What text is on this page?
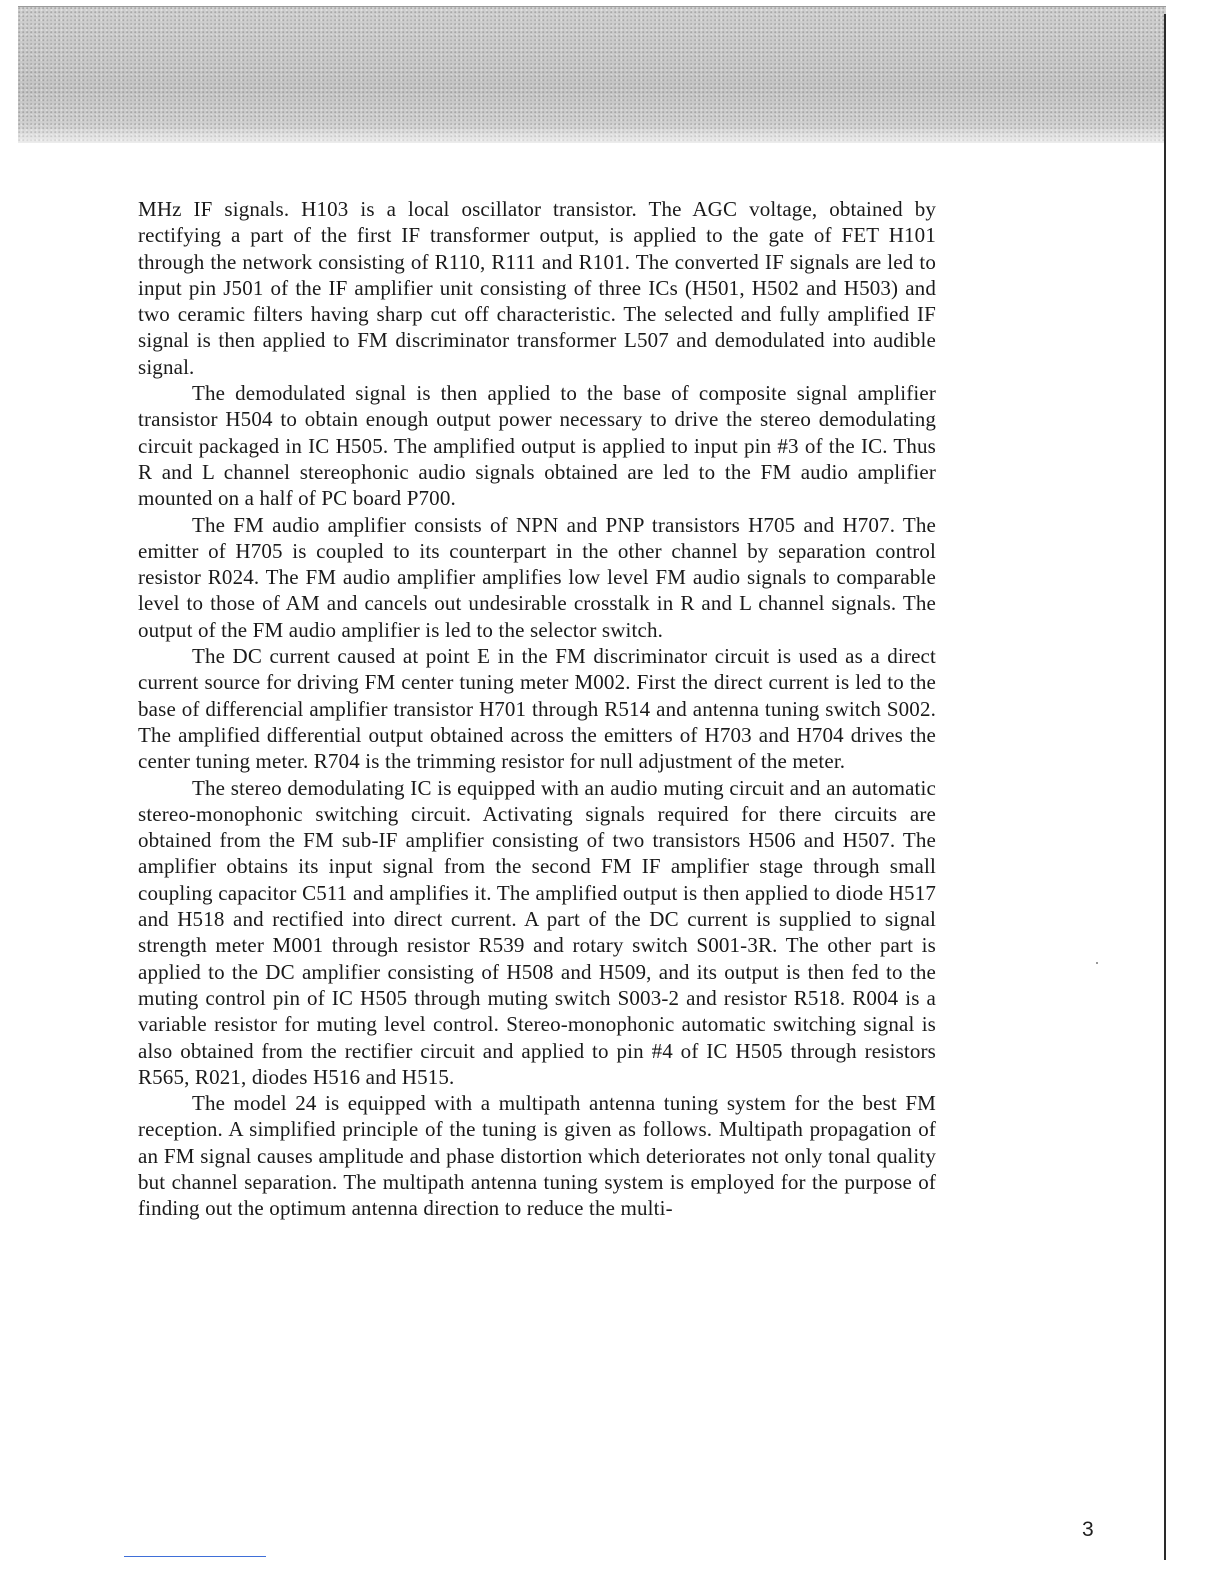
MHz IF signals. H103 is a local oscillator transistor. The AGC voltage, obtained by rectifying a part of the first IF transformer output, is applied to the gate of FET H101 through the network consisting of R110, R111 and R101. The converted IF signals are led to input pin J501 of the IF amplifier unit consisting of three ICs (H501, H502 and H503) and two ceramic filters having sharp cut off characteristic. The selected and fully amplified IF signal is then applied to FM discriminator transformer L507 and demodulated into audible signal.

The demodulated signal is then applied to the base of composite signal amplifier transistor H504 to obtain enough output power necessary to drive the stereo demodulating circuit packaged in IC H505. The amplified output is applied to input pin #3 of the IC. Thus R and L channel stereophonic audio signals obtained are led to the FM audio amplifier mounted on a half of PC board P700.

The FM audio amplifier consists of NPN and PNP transistors H705 and H707. The emitter of H705 is coupled to its counterpart in the other channel by separation control resistor R024. The FM audio amplifier amplifies low level FM audio signals to comparable level to those of AM and cancels out undesirable crosstalk in R and L channel signals. The output of the FM audio amplifier is led to the selector switch.

The DC current caused at point E in the FM discriminator circuit is used as a direct current source for driving FM center tuning meter M002. First the direct current is led to the base of differencial amplifier transistor H701 through R514 and antenna tuning switch S002. The amplified differential output obtained across the emitters of H703 and H704 drives the center tuning meter. R704 is the trimming resistor for null adjustment of the meter.

The stereo demodulating IC is equipped with an audio muting circuit and an automatic stereo-monophonic switching circuit. Activating signals required for there circuits are obtained from the FM sub-IF amplifier consisting of two transistors H506 and H507. The amplifier obtains its input signal from the second FM IF amplifier stage through small coupling capacitor C511 and amplifies it. The amplified output is then applied to diode H517 and H518 and rectified into direct current. A part of the DC current is supplied to signal strength meter M001 through resistor R539 and rotary switch S001-3R. The other part is applied to the DC amplifier consisting of H508 and H509, and its output is then fed to the muting control pin of IC H505 through muting switch S003-2 and resistor R518. R004 is a variable resistor for muting level control. Stereo-monophonic automatic switching signal is also obtained from the rectifier circuit and applied to pin #4 of IC H505 through resistors R565, R021, diodes H516 and H515.

The model 24 is equipped with a multipath antenna tuning system for the best FM reception. A simplified principle of the tuning is given as follows. Multipath propagation of an FM signal causes amplitude and phase distortion which deteriorates not only tonal quality but channel separation. The multipath antenna tuning system is employed for the purpose of finding out the optimum antenna direction to reduce the multi-

3
